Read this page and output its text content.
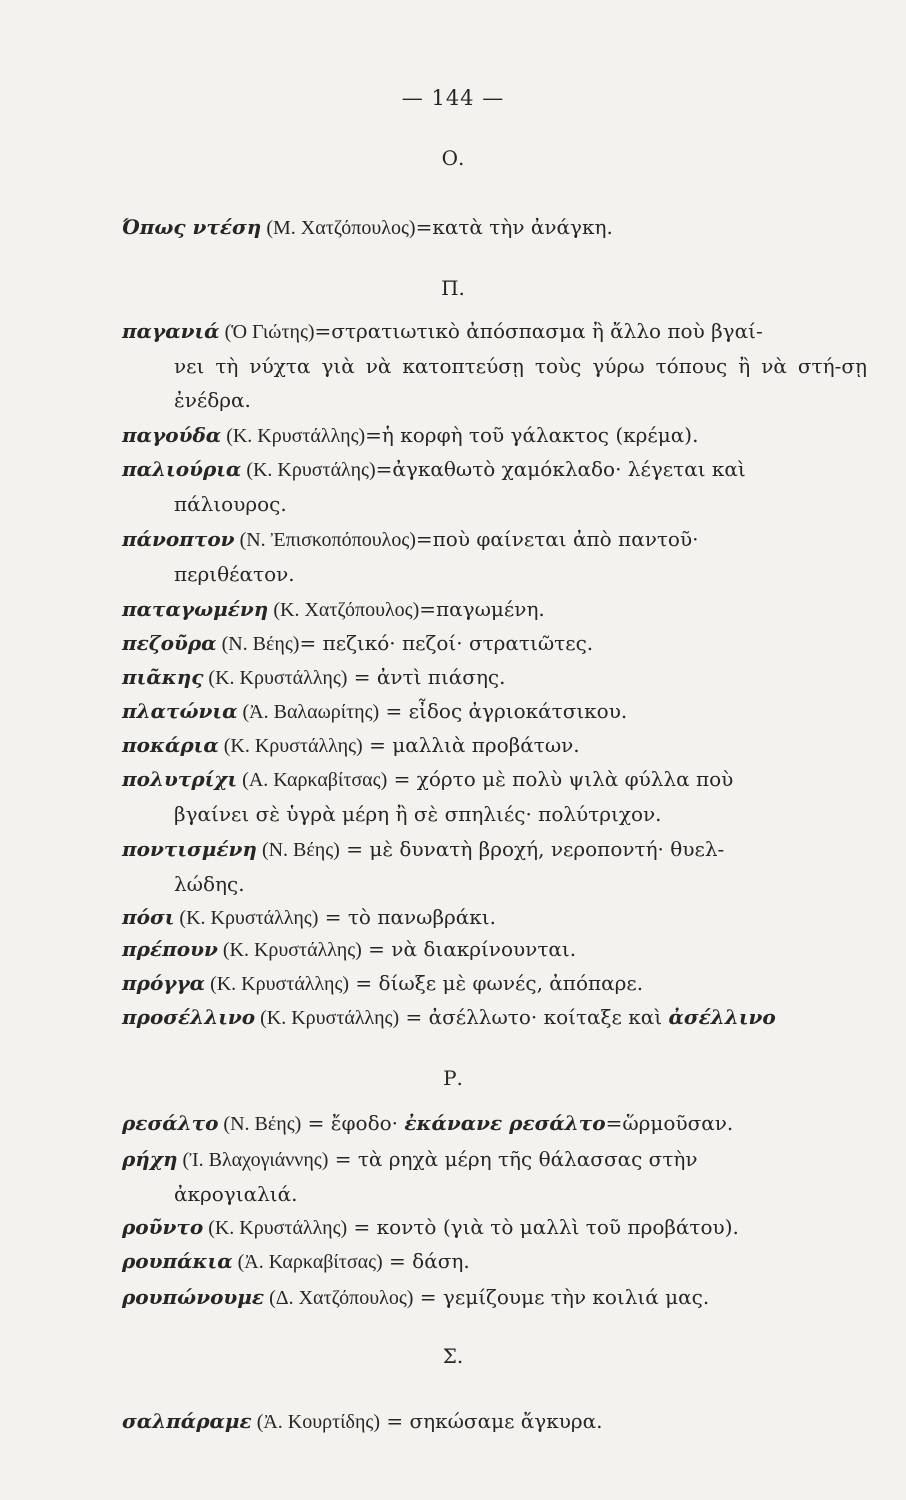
— 144 —
Ο.
Όπως ντέση (Μ. Χατζόπουλος)=κατὰ τὴν ἀνάγκη.
Π.
παγανιά (Ὁ Γιώτης)=στρατιωτικὸ ἀπόσπασμα ἢ ἄλλο ποὺ βγαί-
νει τὴ νύχτα γιὰ νὰ κατοπτεύσῃ τοὺς γύρω τόπους ἢ νὰ στή-σῃ ἐνέδρα.
παγούδα (Κ. Κρυστάλλης)=ἡ κορφὴ τοῦ γάλακτος (κρέμα).
παλιούρια (Κ. Κρυστάλης)=ἀγκαθωτὸ χαμόκλαδο· λέγεται καὶ
πάλιουρος.
πάνοπτον (Ν. Ἐπισκοπόπουλος)=ποὺ φαίνεται ἀπὸ παντοῦ·
περιθέατον.
παταγωμένη (Κ. Χατζόπουλος)=παγωμένη.
πεζοῦρα (Ν. Βέης)= πεζικό· πεζοί· στρατιῶτες.
πιᾶκης (Κ. Κρυστάλλης) = ἀντὶ πιάσης.
πλατώνια (Ἀ. Βαλαωρίτης) = εἶδος ἀγριοκάτσικου.
ποκάρια (Κ. Κρυστάλλης) = μαλλιὰ προβάτων.
πολυτρίχι (Α. Καρκαβίτσας) = χόρτο μὲ πολὺ ψιλὰ φύλλα ποὺ
βγαίνει σὲ ὑγρὰ μέρη ἢ σὲ σπηλιές· πολύτριχον.
ποντισμένη (Ν. Βέης) = μὲ δυνατὴ βροχή, νεροποντή· θυελ-
λώδης.
πόσι (Κ. Κρυστάλλης) = τὸ πανωβράκι.
πρέπουν (Κ. Κρυστάλλης) = νὰ διακρίνουνται.
πρόγγα (Κ. Κρυστάλλης) = δίωξε μὲ φωνές, ἀπόπαρε.
προσέλλινο (Κ. Κρυστάλλης) = ἀσέλλωτο· κοίταξε καὶ ἀσέλλινο
Ρ.
ρεσάλτο (Ν. Βέης) = ἔφοδο· ἐκάνανε ρεσάλτο=ὥρμοῦσαν.
ρήχη (Ἰ. Βλαχογιάννης) = τὰ ρηχὰ μέρη τῆς θάλασσας στὴν
ἀκρογιαλιά.
ροῦντο (Κ. Κρυστάλλης) = κοντὸ (γιὰ τὸ μαλλὶ τοῦ προβάτου).
ρουπάκια (Ἀ. Καρκαβίτσας) = δάση.
ρουπώνουμε (Δ. Χατζόπουλος) = γεμίζουμε τὴν κοιλιά μας.
Σ.
σαλπάραμε (Ἀ. Κουρτίδης) = σηκώσαμε ἄγκυρα.
